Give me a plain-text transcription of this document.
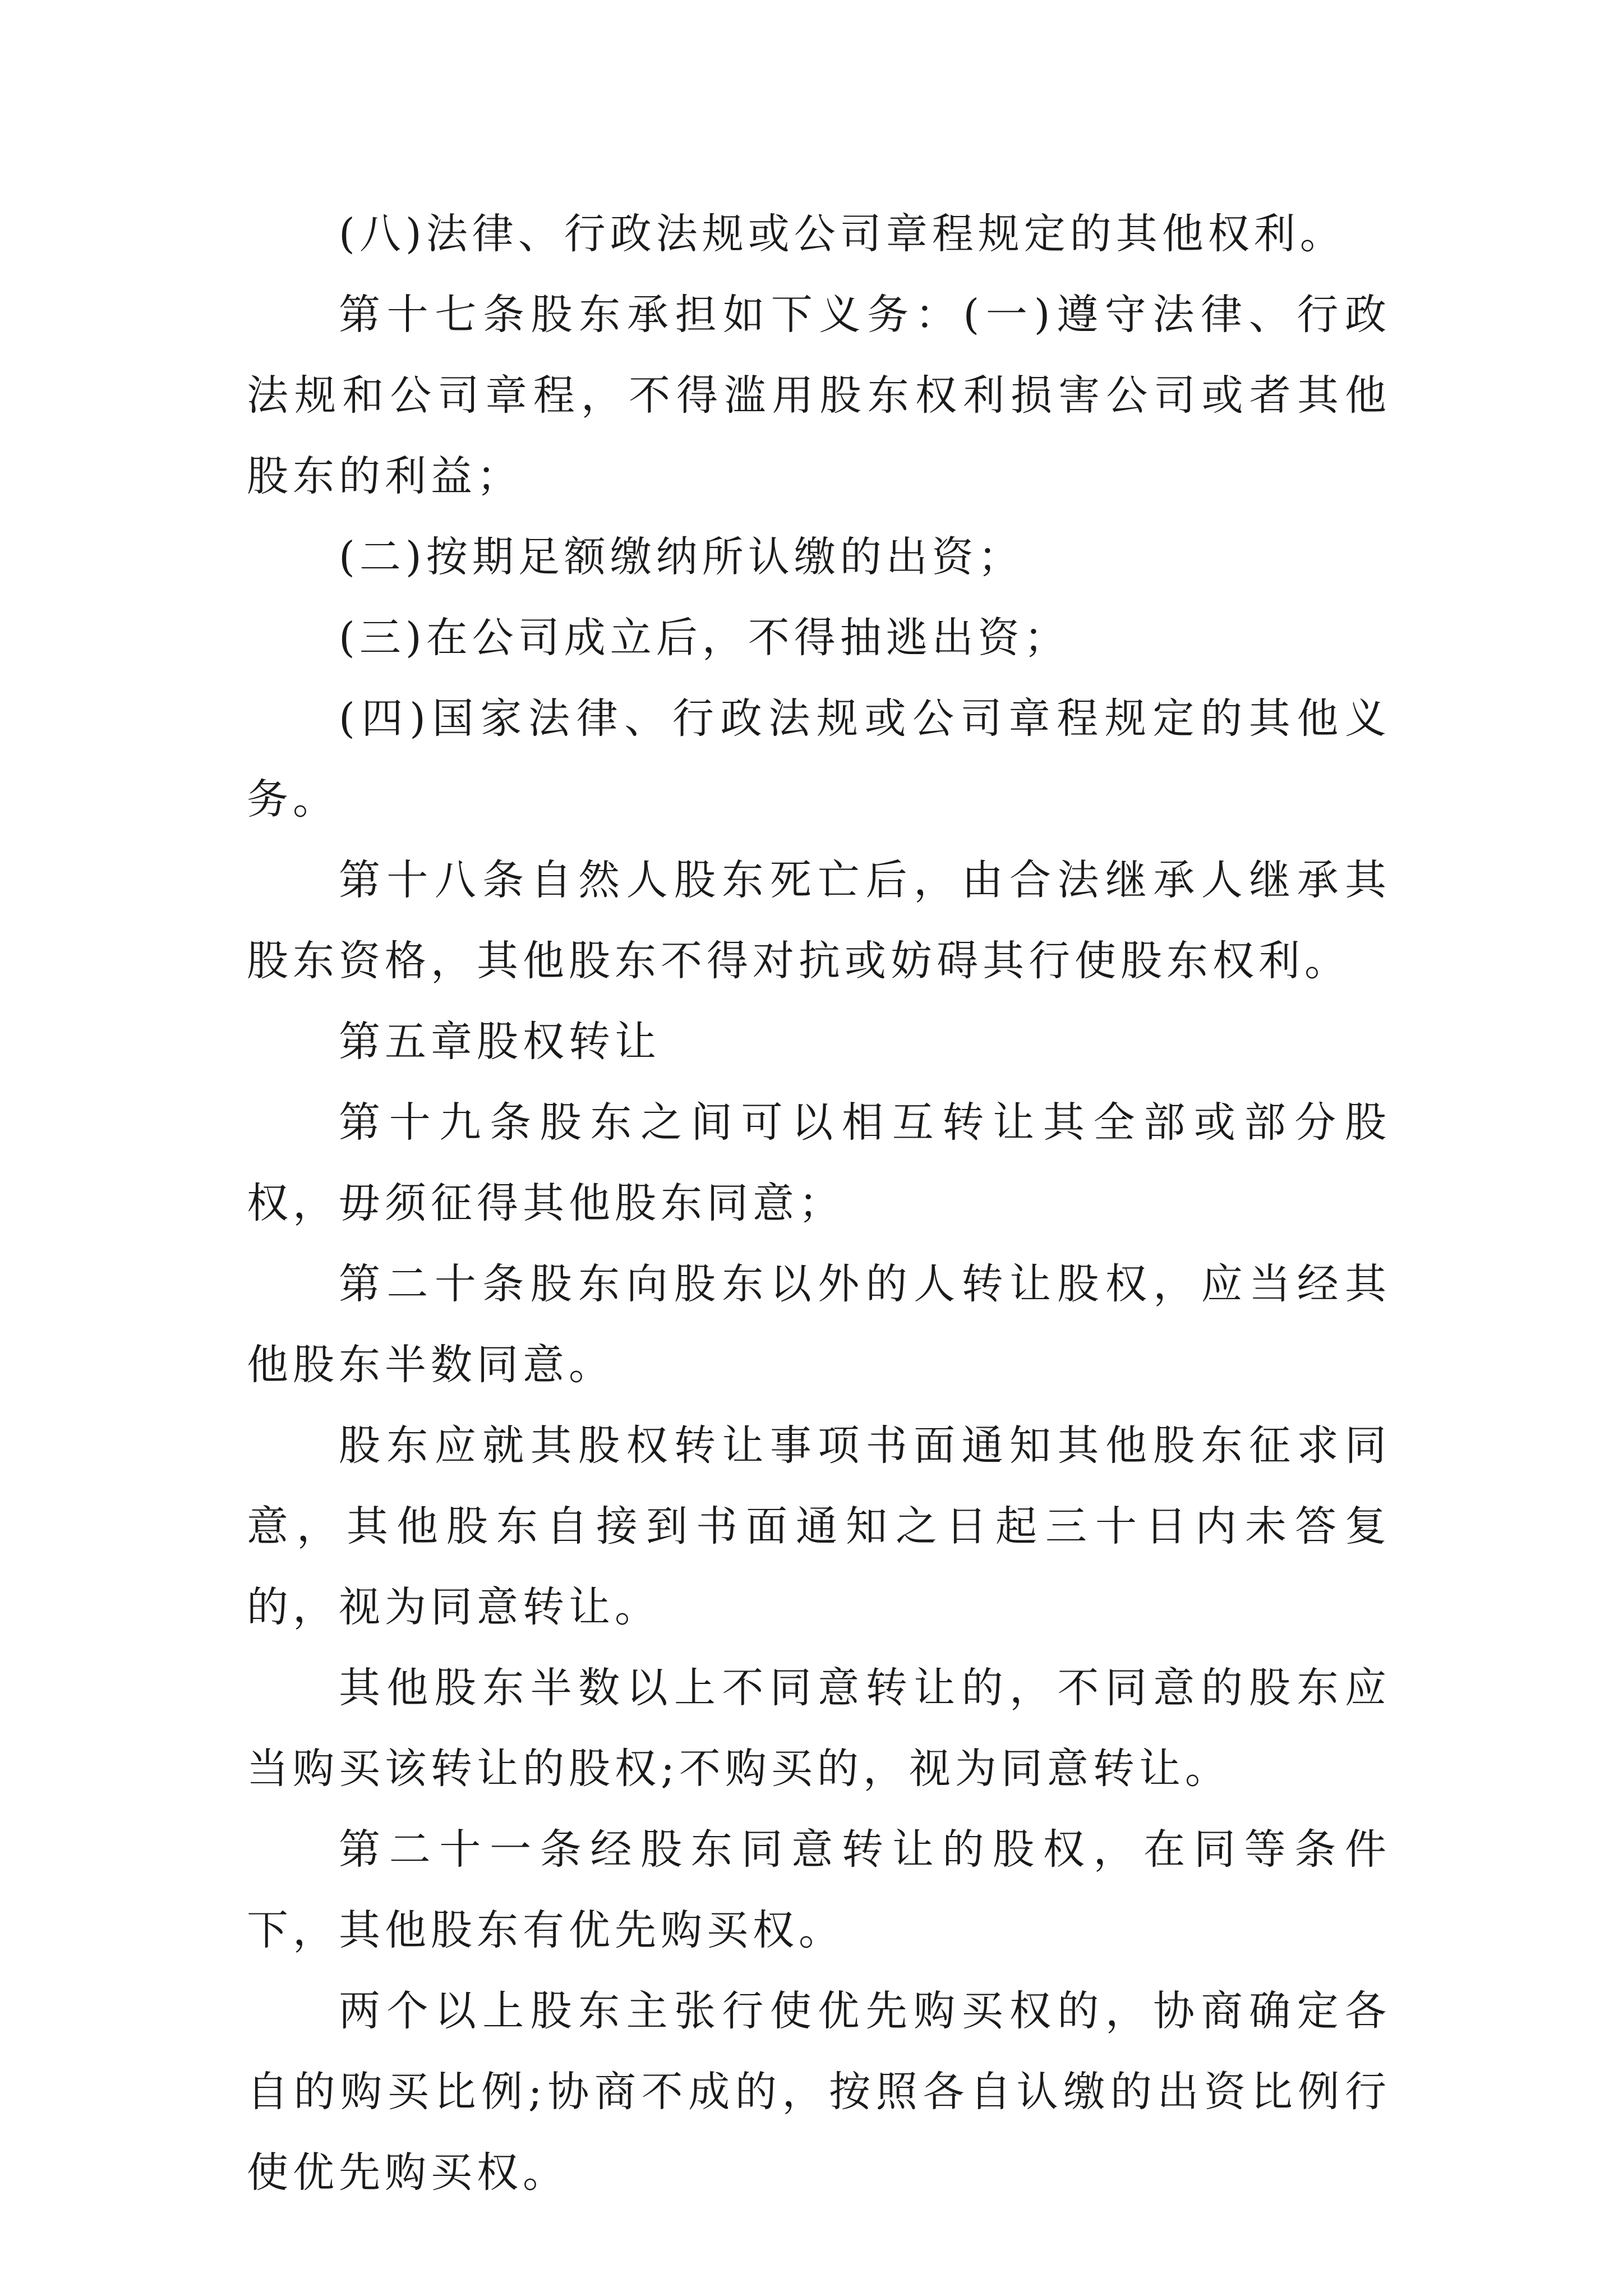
(八)法律、行政法规或公司章程规定的其他权利。

第十七条股东承担如下义务：(一)遵守法律、行政法规和公司章程，不得滥用股东权利损害公司或者其他股东的利益；

(二)按期足额缴纳所认缴的出资；

(三)在公司成立后，不得抽逃出资；

(四)国家法律、行政法规或公司章程规定的其他义务。

第十八条自然人股东死亡后，由合法继承人继承其股东资格，其他股东不得对抗或妨碍其行使股东权利。

第五章股权转让

第十九条股东之间可以相互转让其全部或部分股权，毋须征得其他股东同意；

第二十条股东向股东以外的人转让股权，应当经其他股东半数同意。

股东应就其股权转让事项书面通知其他股东征求同意，其他股东自接到书面通知之日起三十日内未答复的，视为同意转让。

其他股东半数以上不同意转让的，不同意的股东应当购买该转让的股权;不购买的，视为同意转让。

第二十一条经股东同意转让的股权，在同等条件下，其他股东有优先购买权。

两个以上股东主张行使优先购买权的，协商确定各自的购买比例;协商不成的，按照各自认缴的出资比例行使优先购买权。
